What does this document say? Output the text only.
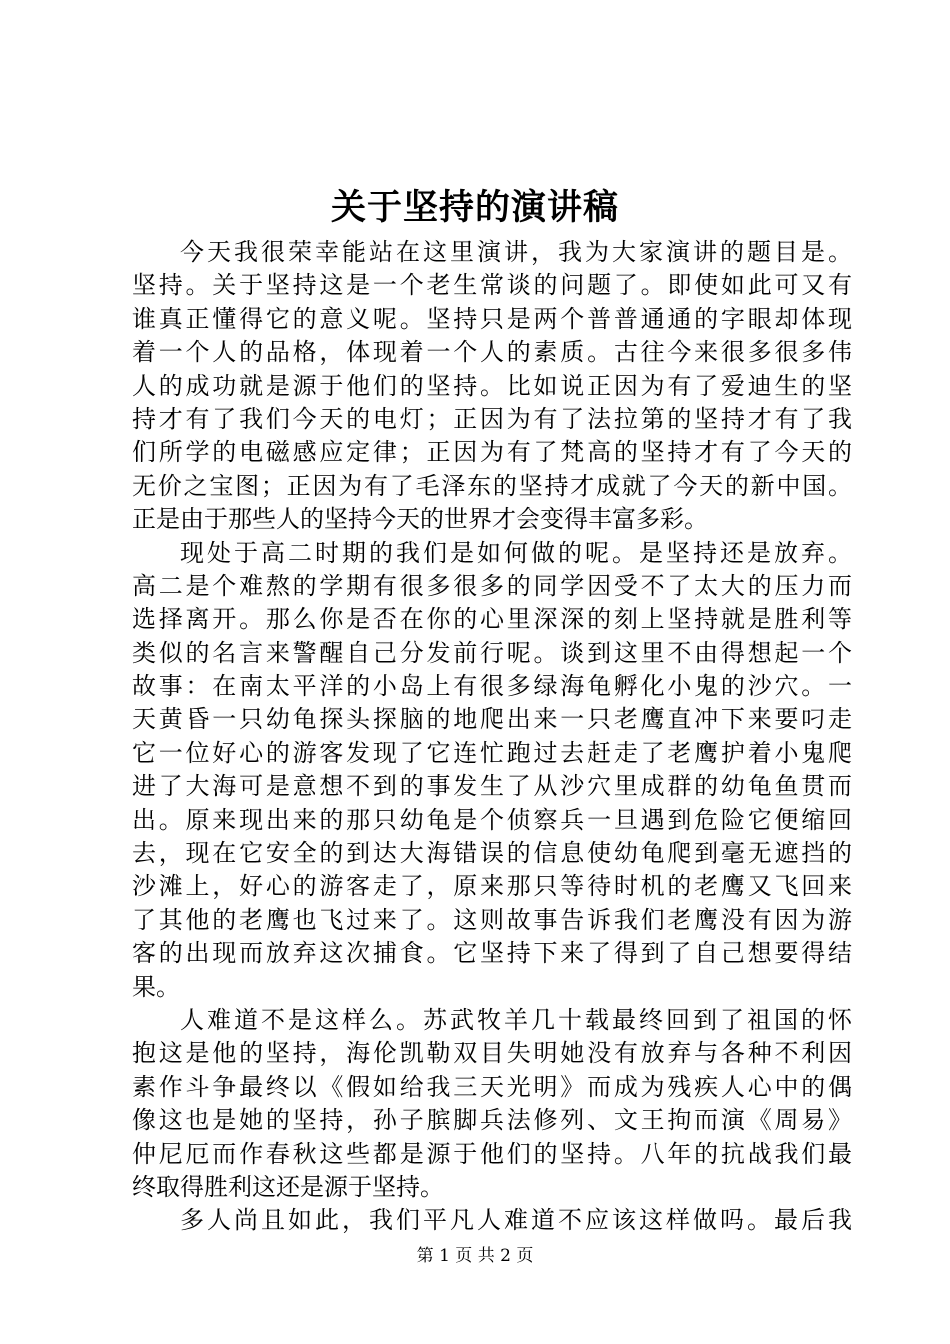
关于坚持的演讲稿
今天我很荣幸能站在这里演讲，我为大家演讲的题目是。
坚持。关于坚持这是一个老生常谈的问题了。即使如此可又有
谁真正懂得它的意义呢。坚持只是两个普普通通的字眼却体现
着一个人的品格，体现着一个人的素质。古往今来很多很多伟
人的成功就是源于他们的坚持。比如说正因为有了爱迪生的坚
持才有了我们今天的电灯；正因为有了法拉第的坚持才有了我
们所学的电磁感应定律；正因为有了梵高的坚持才有了今天的
无价之宝图；正因为有了毛泽东的坚持才成就了今天的新中国。
正是由于那些人的坚持今天的世界才会变得丰富多彩。
现处于高二时期的我们是如何做的呢。是坚持还是放弃。
高二是个难熬的学期有很多很多的同学因受不了太大的压力而
选择离开。那么你是否在你的心里深深的刻上坚持就是胜利等
类似的名言来警醒自己分发前行呢。谈到这里不由得想起一个
故事：在南太平洋的小岛上有很多绿海龟孵化小鬼的沙穴。一
天黄昏一只幼龟探头探脑的地爬出来一只老鹰直冲下来要叼走
它一位好心的游客发现了它连忙跑过去赶走了老鹰护着小鬼爬
进了大海可是意想不到的事发生了从沙穴里成群的幼龟鱼贯而
出。原来现出来的那只幼龟是个侦察兵一旦遇到危险它便缩回
去，现在它安全的到达大海错误的信息使幼龟爬到毫无遮挡的
沙滩上，好心的游客走了，原来那只等待时机的老鹰又飞回来
了其他的老鹰也飞过来了。这则故事告诉我们老鹰没有因为游
客的出现而放弃这次捕食。它坚持下来了得到了自己想要得结
果。
人难道不是这样么。苏武牧羊几十载最终回到了祖国的怀
抱这是他的坚持，海伦凯勒双目失明她没有放弃与各种不利因
素作斗争最终以《假如给我三天光明》而成为残疾人心中的偶
像这也是她的坚持，孙子膑脚兵法修列、文王拘而演《周易》
仲尼厄而作春秋这些都是源于他们的坚持。八年的抗战我们最
终取得胜利这还是源于坚持。
多人尚且如此，我们平凡人难道不应该这样做吗。最后我
第 1 页 共 2 页
